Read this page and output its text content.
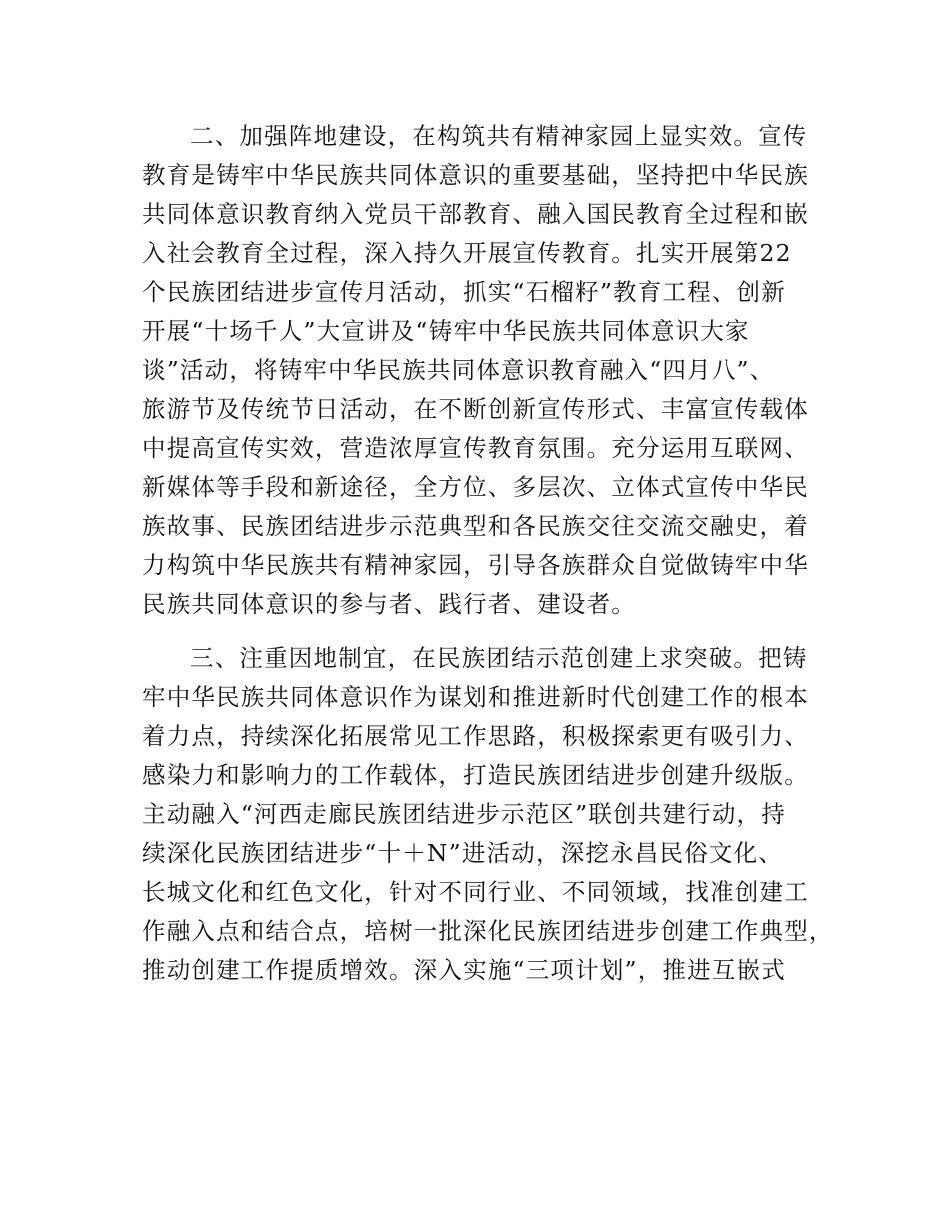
二、加强阵地建设，在构筑共有精神家园上显实效。宣传
教育是铸牢中华民族共同体意识的重要基础，坚持把中华民族
共同体意识教育纳入党员干部教育、融入国民教育全过程和嵌
入社会教育全过程，深入持久开展宣传教育。扎实开展第22
个民族团结进步宣传月活动，抓实“石榴籽”教育工程、创新
开展“十场千人”大宣讲及“铸牢中华民族共同体意识大家
谈”活动，将铸牢中华民族共同体意识教育融入“四月八”、
旅游节及传统节日活动，在不断创新宣传形式、丰富宣传载体
中提高宣传实效，营造浓厚宣传教育氛围。充分运用互联网、
新媒体等手段和新途径，全方位、多层次、立体式宣传中华民
族故事、民族团结进步示范典型和各民族交往交流交融史，着
力构筑中华民族共有精神家园，引导各族群众自觉做铸牢中华
民族共同体意识的参与者、践行者、建设者。
三、注重因地制宜，在民族团结示范创建上求突破。把铸
牢中华民族共同体意识作为谋划和推进新时代创建工作的根本
着力点，持续深化拓展常见工作思路，积极探索更有吸引力、
感染力和影响力的工作载体，打造民族团结进步创建升级版。
主动融入“河西走廊民族团结进步示范区”联创共建行动，持
续深化民族团结进步“十＋N”进活动，深挖永昌民俗文化、
长城文化和红色文化，针对不同行业、不同领域，找准创建工
作融入点和结合点，培树一批深化民族团结进步创建工作典型，
推动创建工作提质增效。深入实施“三项计划”，推进互嵌式
